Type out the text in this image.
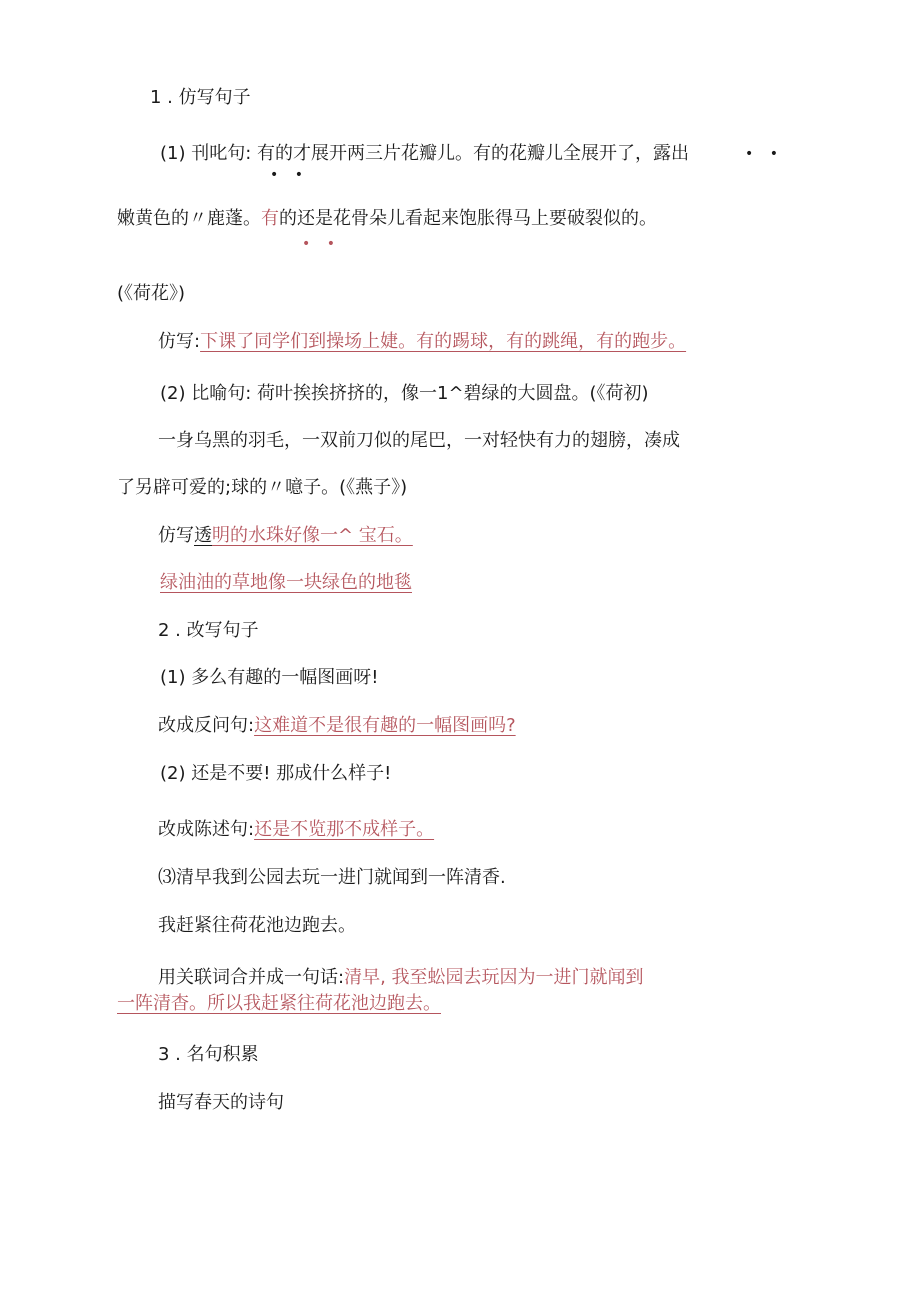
1 . 仿写句子
(1) 刊叱句: 有的才展开两三片花瓣儿。有的花瓣儿全展开了，露出	• •
• •
嫩黄色的〃鹿蓬。有的还是花骨朵儿看起来饱胀得马上要破裂似的。
• •
(《荷花》)
仿写:下课了同学们到操场上婕。有的踢球，有的跳绳，有的跑步。
(2) 比喻句: 荷叶挨挨挤挤的，像一1^碧绿的大圆盘。(《荷初)
一身乌黑的羽毛，一双前刀似的尾巴，一对轻快有力的翅膀，凑成
了另辟可爱的;球的〃噫子。(《燕子》)
仿写透明的水珠好像一^ 宝石。
绿油油的草地像一块绿色的地毯
2 . 改写句子
(1) 多么有趣的一幅图画呀!
改成反问句:这难道不是很有趣的一幅图画吗?
(2) 还是不要! 那成什么样子!
改成陈述句:还是不览那不成样子。
⑶清早我到公园去玩一进门就闻到一阵清香.
我赶紧往荷花池边跑去。
用关联词合并成一句话:清早, 我至蚣园去玩因为一进门就闻到
一阵清杳。所以我赶紧往荷花池边跑去。
3 . 名句积累
描写春天的诗句
